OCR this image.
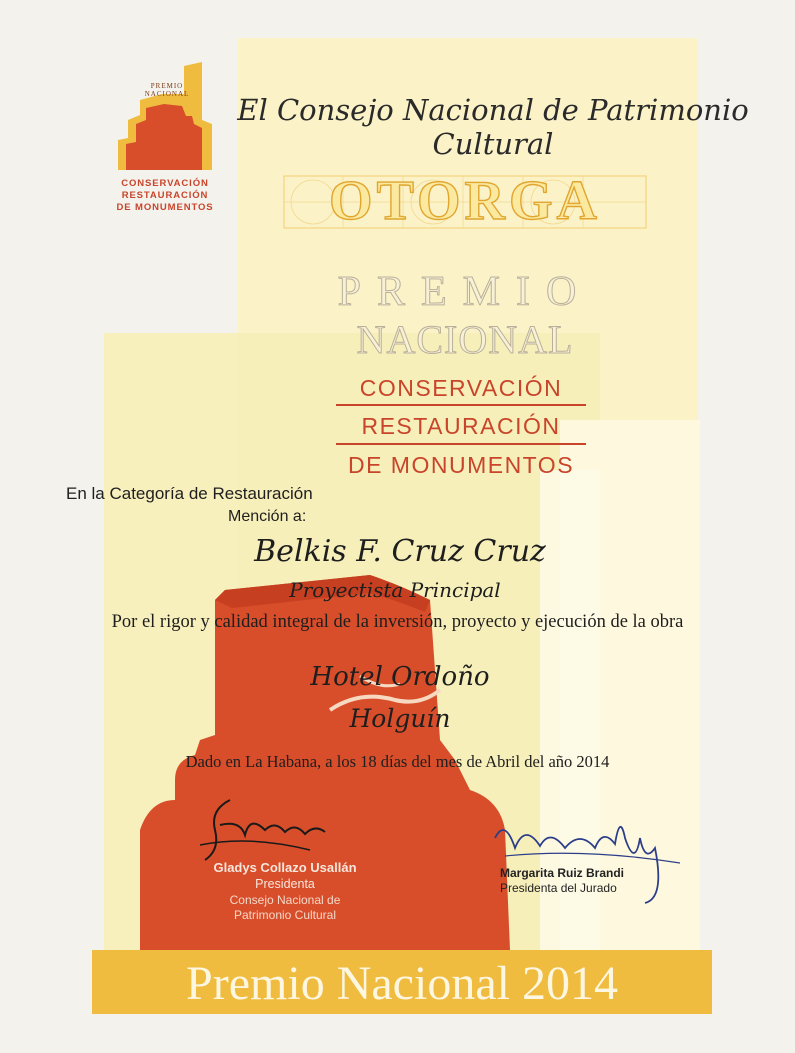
PREMIO
NACIONAL
CONSERVACIÓN
RESTAURACIÓN
DE MONUMENTOS
El Consejo Nacional de Patrimonio Cultural
OTORGA
PREMIO
NACIONAL
CONSERVACIÓN
RESTAURACIÓN
DE MONUMENTOS
En la Categoría de Restauración
Mención a:
Belkis F. Cruz Cruz
Proyectista Principal
Por el rigor y calidad integral de la inversión, proyecto y ejecución de la obra
Hotel Ordoño
Holguín
Dado en La Habana, a los 18 días del mes de Abril del año 2014
Gladys Collazo Usallán
Presidenta
Consejo Nacional de
Patrimonio Cultural
Margarita Ruiz Brandi
Presidenta del Jurado
Premio Nacional 2014
